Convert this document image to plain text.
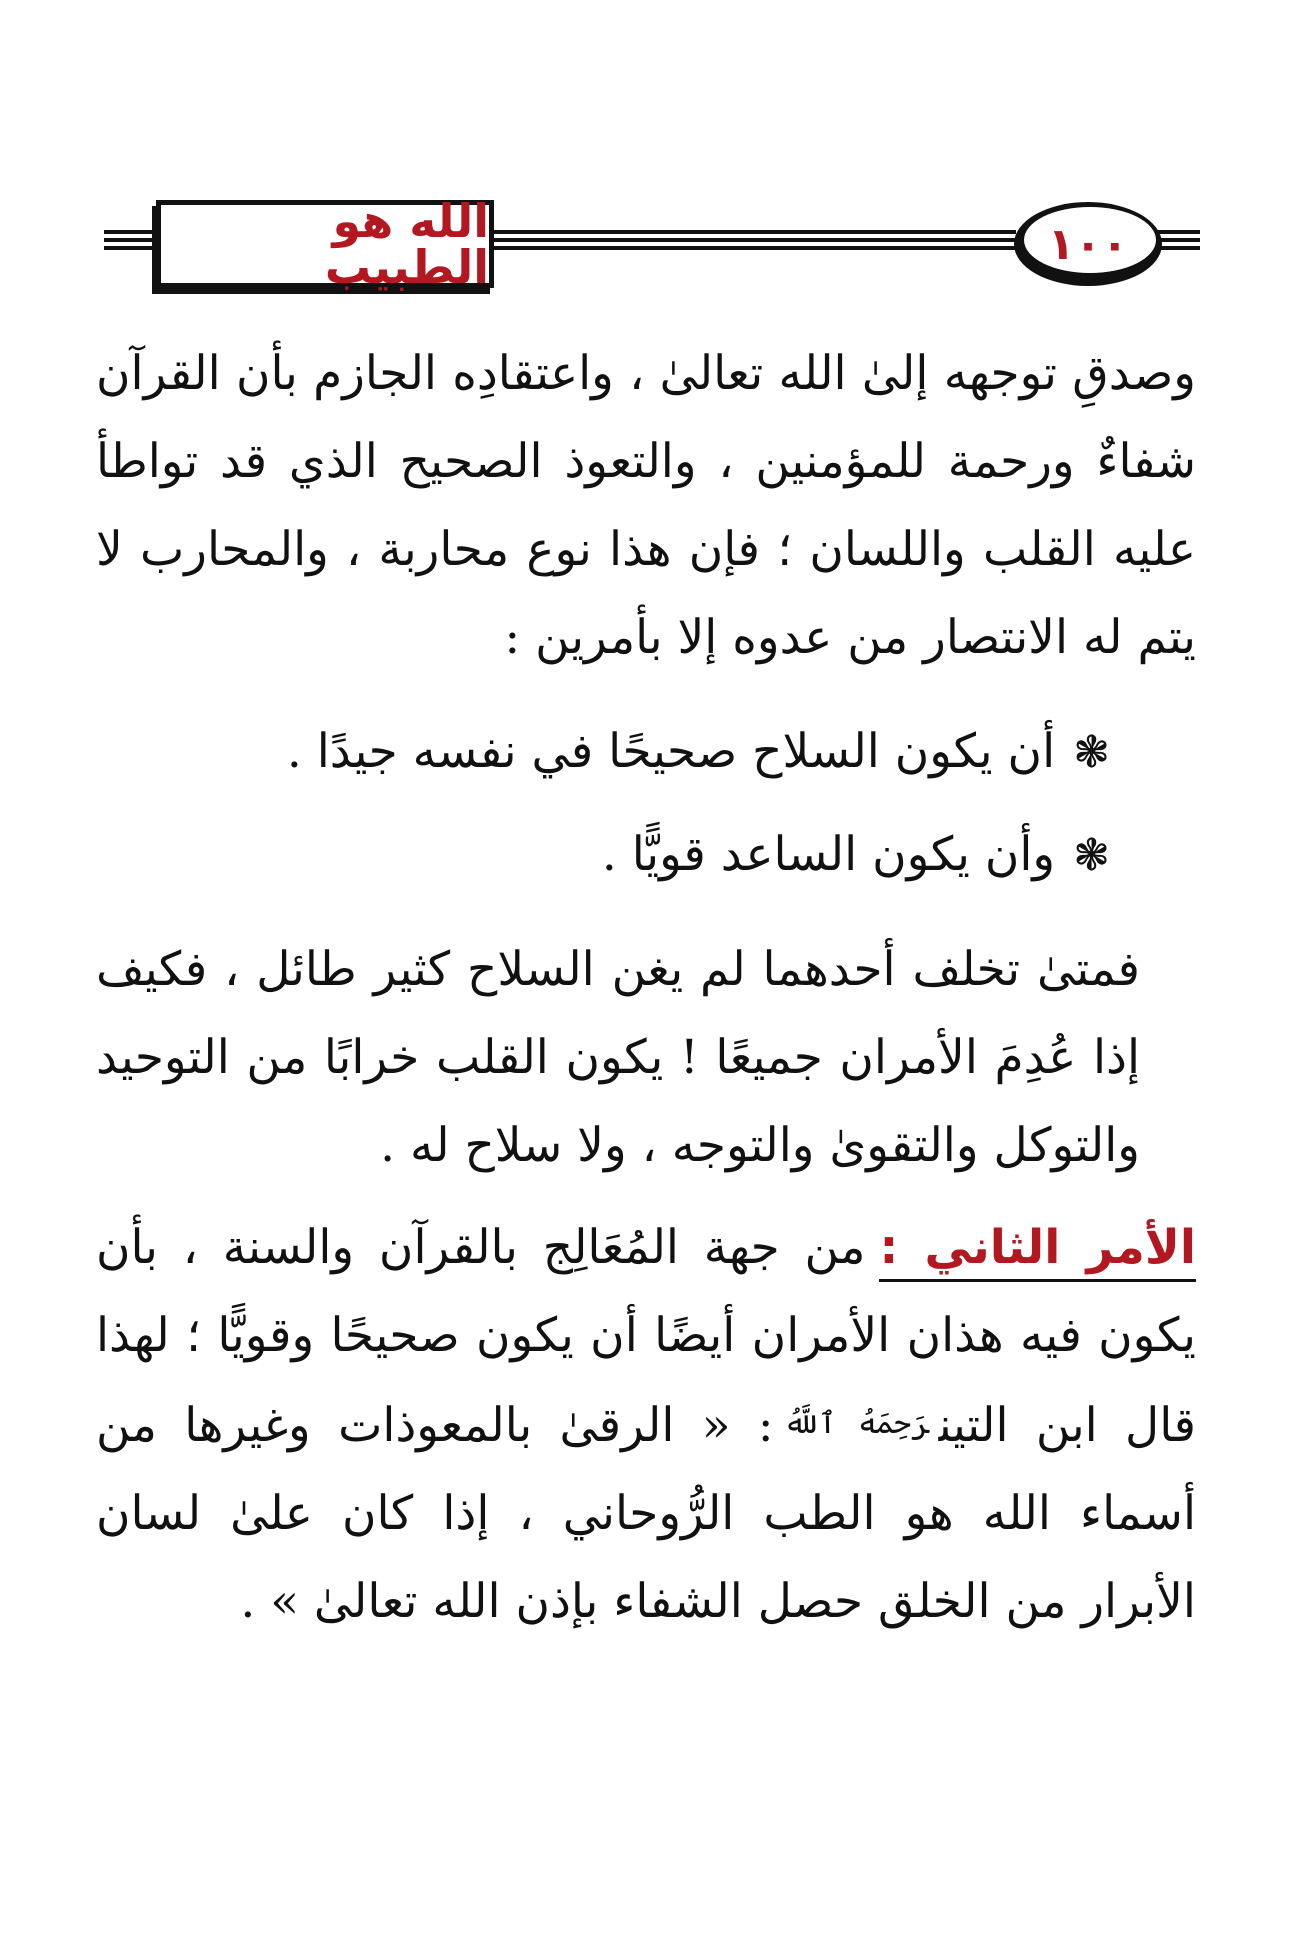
الله هو الطبيب	١٠٠

وصدقِ توجهه إلىٰ الله تعالىٰ ، واعتقادِه الجازم بأن القرآن شفاءٌ ورحمة للمؤمنين ، والتعوذ الصحيح الذي قد تواطأ عليه القلب واللسان ؛ فإن هذا نوع محاربة ، والمحارب لا يتم له الانتصار من عدوه إلا بأمرين :

❃أن يكون السلاح صحيحًا في نفسه جيدًا .

❃وأن يكون الساعد قويًّا .

فمتىٰ تخلف أحدهما لم يغن السلاح كثير طائل ، فكيف إذا عُدِمَ الأمران جميعًا ! يكون القلب خرابًا من التوحيد والتوكل والتقوىٰ والتوجه ، ولا سلاح له .

الأمر الثاني :من جهة المُعَالِج بالقرآن والسنة ، بأن يكون فيه هذان الأمران أيضًا أن يكون صحيحًا وقويًّا ؛ لهذا قال ابن التينرَحِمَهُ ٱللَّهُ: « الرقىٰ بالمعوذات وغيرها من أسماء الله هو الطب الرُّوحاني ، إذا كان علىٰ لسان الأبرار من الخلق حصل الشفاء بإذن الله تعالىٰ » .
